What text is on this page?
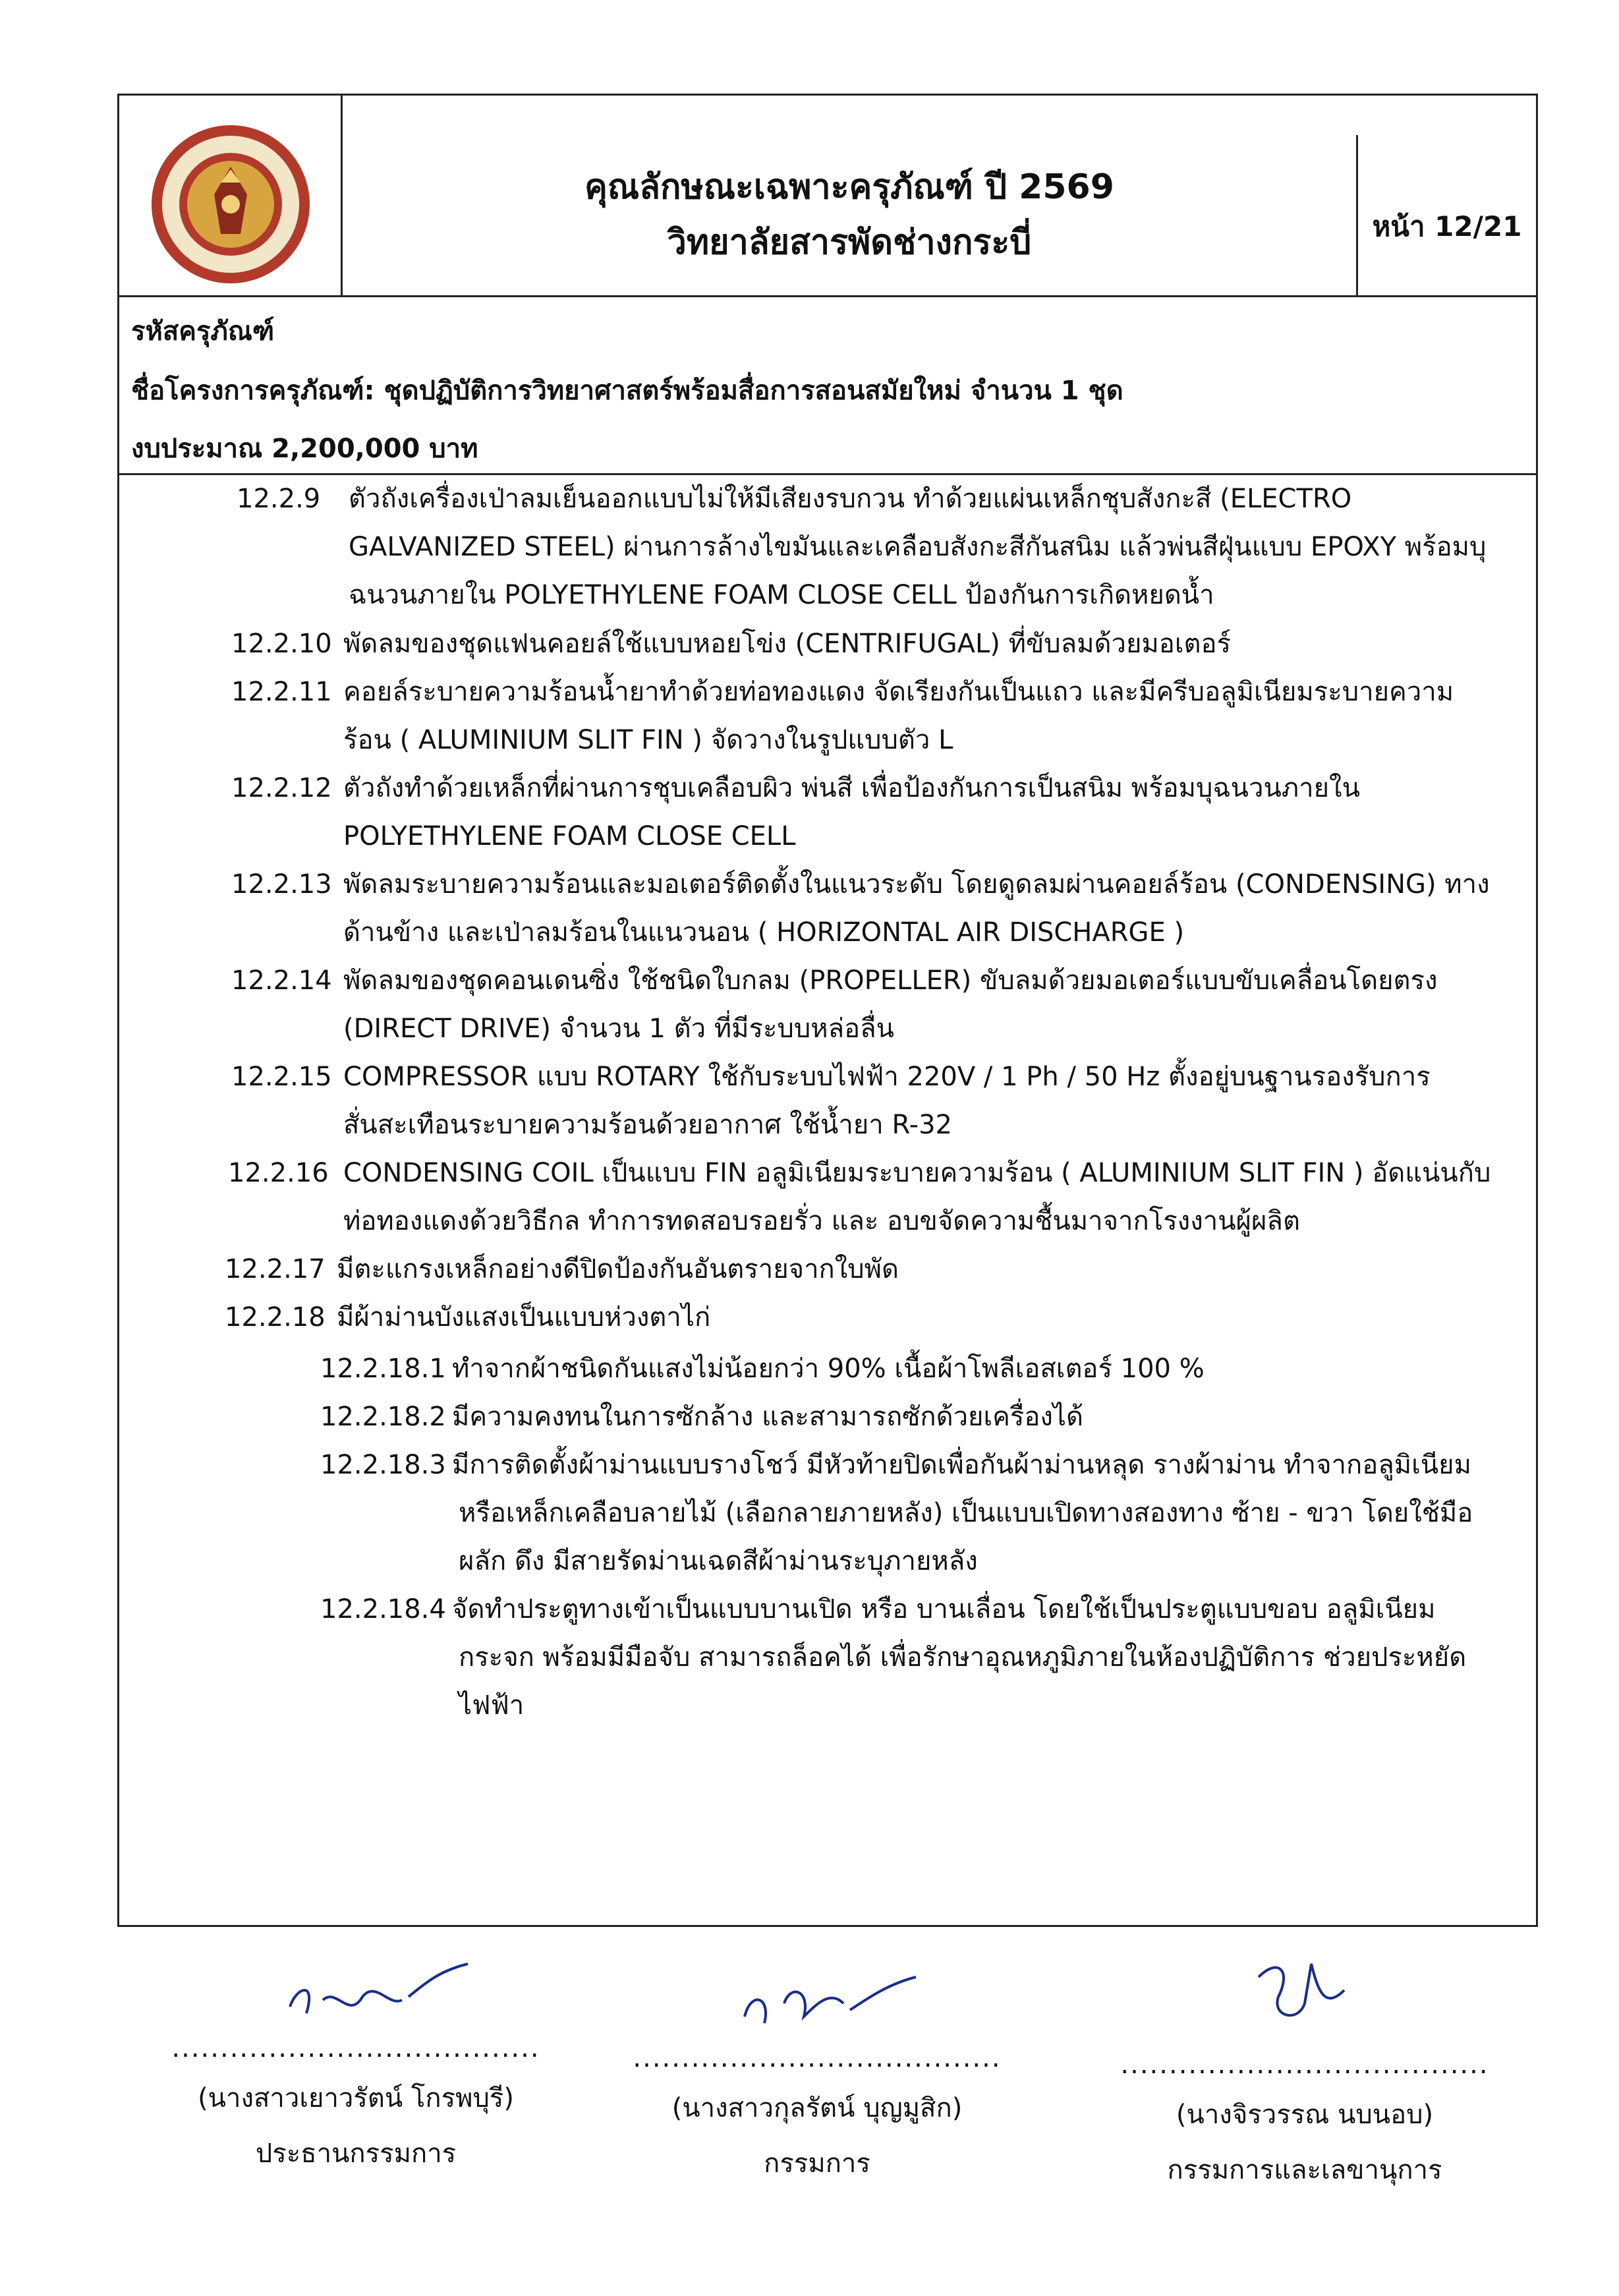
คุณลักษณะเฉพาะครุภัณฑ์ ปี 2569
วิทยาลัยสารพัดช่างกระบี่	หน้า 12/21
รหัสครุภัณฑ์
ชื่อโครงการครุภัณฑ์: ชุดปฏิบัติการวิทยาศาสตร์พร้อมสื่อการสอนสมัยใหม่ จำนวน 1 ชุด
งบประมาณ 2,200,000 บาท
12.2.9 ตัวถังเครื่องเป่าลมเย็นออกแบบไม่ให้มีเสียงรบกวน ทำด้วยแผ่นเหล็กชุบสังกะสี (ELECTRO
GALVANIZED STEEL) ผ่านการล้างไขมันและเคลือบสังกะสีกันสนิม แล้วพ่นสีฝุ่นแบบ EPOXY พร้อมบุ
ฉนวนภายใน POLYETHYLENE FOAM CLOSE CELL ป้องกันการเกิดหยดน้ำ
12.2.10 พัดลมของชุดแฟนคอยล์ใช้แบบหอยโข่ง (CENTRIFUGAL) ที่ขับลมด้วยมอเตอร์
12.2.11 คอยล์ระบายความร้อนน้ำยาทำด้วยท่อทองแดง จัดเรียงกันเป็นแถว และมีครีบอลูมิเนียมระบายความ
ร้อน ( ALUMINIUM SLIT FIN ) จัดวางในรูปแบบตัว L
12.2.12 ตัวถังทำด้วยเหล็กที่ผ่านการชุบเคลือบผิว พ่นสี เพื่อป้องกันการเป็นสนิม พร้อมบุฉนวนภายใน
POLYETHYLENE FOAM CLOSE CELL
12.2.13 พัดลมระบายความร้อนและมอเตอร์ติดตั้งในแนวระดับ โดยดูดลมผ่านคอยล์ร้อน (CONDENSING) ทาง
ด้านข้าง และเป่าลมร้อนในแนวนอน ( HORIZONTAL AIR DISCHARGE )
12.2.14 พัดลมของชุดคอนเดนซิ่ง ใช้ชนิดใบกลม (PROPELLER) ขับลมด้วยมอเตอร์แบบขับเคลื่อนโดยตรง
(DIRECT DRIVE) จำนวน 1 ตัว ที่มีระบบหล่อลื่น
12.2.15 COMPRESSOR แบบ ROTARY ใช้กับระบบไฟฟ้า 220V / 1 Ph / 50 Hz ตั้งอยู่บนฐานรองรับการ
สั่นสะเทือนระบายความร้อนด้วยอากาศ ใช้น้ำยา R-32
12.2.16 CONDENSING COIL เป็นแบบ FIN อลูมิเนียมระบายความร้อน ( ALUMINIUM SLIT FIN ) อัดแน่นกับ
ท่อทองแดงด้วยวิธีกล ทำการทดสอบรอยรั่ว และ อบขจัดความชื้นมาจากโรงงานผู้ผลิต
12.2.17 มีตะแกรงเหล็กอย่างดีปิดป้องกันอันตรายจากใบพัด
12.2.18 มีผ้าม่านบังแสงเป็นแบบห่วงตาไก่
12.2.18.1 ทำจากผ้าชนิดกันแสงไม่น้อยกว่า 90% เนื้อผ้าโพลีเอสเตอร์ 100 %
12.2.18.2 มีความคงทนในการซักล้าง และสามารถซักด้วยเครื่องได้
12.2.18.3 มีการติดตั้งผ้าม่านแบบรางโชว์ มีหัวท้ายปิดเพื่อกันผ้าม่านหลุด รางผ้าม่าน ทำจากอลูมิเนียม
หรือเหล็กเคลือบลายไม้ (เลือกลายภายหลัง) เป็นแบบเปิดทางสองทาง ซ้าย - ขวา โดยใช้มือ
ผลัก ดึง มีสายรัดม่านเฉดสีผ้าม่านระบุภายหลัง
12.2.18.4 จัดทำประตูทางเข้าเป็นแบบบานเปิด หรือ บานเลื่อน โดยใช้เป็นประตูแบบขอบ อลูมิเนียม
กระจก พร้อมมีมือจับ สามารถล็อคได้ เพื่อรักษาอุณหภูมิภายในห้องปฏิบัติการ ช่วยประหยัด
ไฟฟ้า
......................................
(นางสาวเยาวรัตน์ โกรพบุรี)
ประธานกรรมการ
......................................
(นางสาวกุลรัตน์ บุญมูสิก)
กรรมการ
......................................
(นางจิรวรรณ นบนอบ)
กรรมการและเลขานุการ
